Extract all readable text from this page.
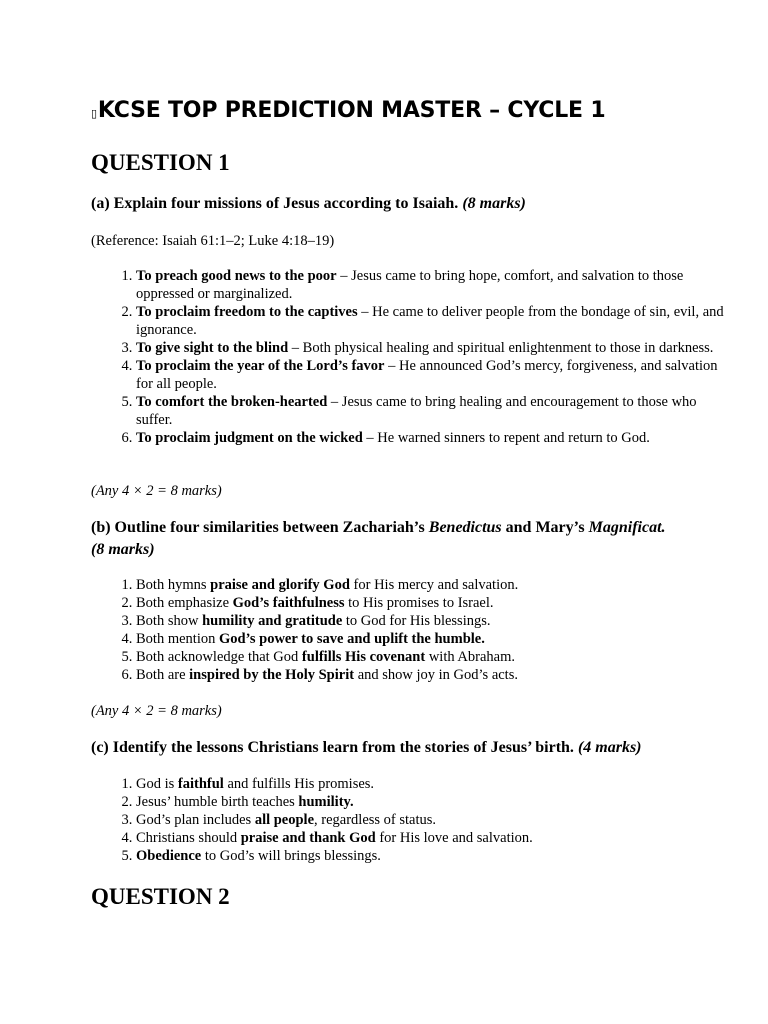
▯KCSE TOP PREDICTION MASTER – CYCLE 1
QUESTION 1
(a) Explain four missions of Jesus according to Isaiah. (8 marks)
(Reference: Isaiah 61:1–2; Luke 4:18–19)
1. To preach good news to the poor – Jesus came to bring hope, comfort, and salvation to those oppressed or marginalized.
2. To proclaim freedom to the captives – He came to deliver people from the bondage of sin, evil, and ignorance.
3. To give sight to the blind – Both physical healing and spiritual enlightenment to those in darkness.
4. To proclaim the year of the Lord’s favor – He announced God’s mercy, forgiveness, and salvation for all people.
5. To comfort the broken-hearted – Jesus came to bring healing and encouragement to those who suffer.
6. To proclaim judgment on the wicked – He warned sinners to repent and return to God.
(Any 4 × 2 = 8 marks)
(b) Outline four similarities between Zachariah’s Benedictus and Mary’s Magnificat. (8 marks)
1. Both hymns praise and glorify God for His mercy and salvation.
2. Both emphasize God’s faithfulness to His promises to Israel.
3. Both show humility and gratitude to God for His blessings.
4. Both mention God’s power to save and uplift the humble.
5. Both acknowledge that God fulfills His covenant with Abraham.
6. Both are inspired by the Holy Spirit and show joy in God’s acts.
(Any 4 × 2 = 8 marks)
(c) Identify the lessons Christians learn from the stories of Jesus’ birth. (4 marks)
1. God is faithful and fulfills His promises.
2. Jesus’ humble birth teaches humility.
3. God’s plan includes all people, regardless of status.
4. Christians should praise and thank God for His love and salvation.
5. Obedience to God’s will brings blessings.
QUESTION 2
